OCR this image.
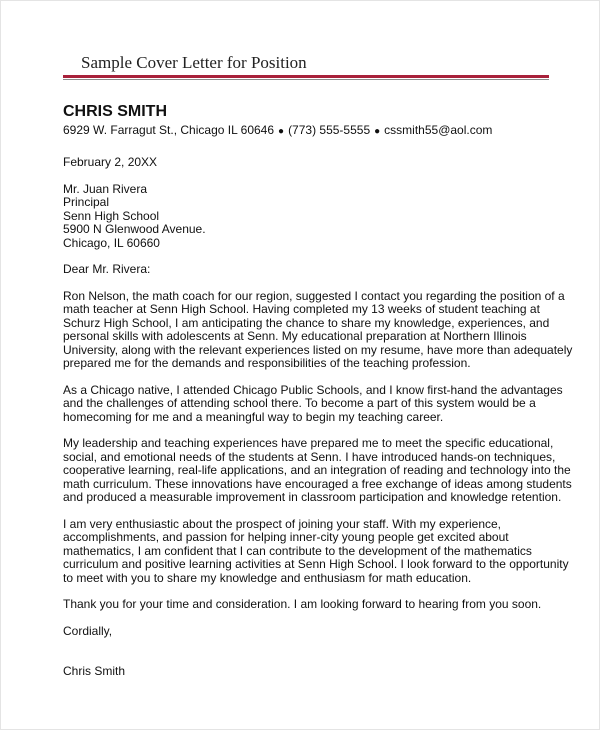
Sample Cover Letter for Position
CHRIS SMITH
6929 W. Farragut St., Chicago IL 60646 ● (773) 555-5555 ● cssmith55@aol.com
February 2, 20XX
Mr. Juan Rivera
Principal
Senn High School
5900 N Glenwood Avenue.
Chicago, IL 60660
Dear Mr. Rivera:
Ron Nelson, the math coach for our region, suggested I contact you regarding the position of a
math teacher at Senn High School. Having completed my 13 weeks of student teaching at
Schurz High School, I am anticipating the chance to share my knowledge, experiences, and
personal skills with adolescents at Senn. My educational preparation at Northern Illinois
University, along with the relevant experiences listed on my resume, have more than adequately
prepared me for the demands and responsibilities of the teaching profession.
As a Chicago native, I attended Chicago Public Schools, and I know first-hand the advantages
and the challenges of attending school there. To become a part of this system would be a
homecoming for me and a meaningful way to begin my teaching career.
My leadership and teaching experiences have prepared me to meet the specific educational,
social, and emotional needs of the students at Senn. I have introduced hands-on techniques,
cooperative learning, real-life applications, and an integration of reading and technology into the
math curriculum. These innovations have encouraged a free exchange of ideas among students
and produced a measurable improvement in classroom participation and knowledge retention.
I am very enthusiastic about the prospect of joining your staff. With my experience,
accomplishments, and passion for helping inner-city young people get excited about
mathematics, I am confident that I can contribute to the development of the mathematics
curriculum and positive learning activities at Senn High School. I look forward to the opportunity
to meet with you to share my knowledge and enthusiasm for math education.
Thank you for your time and consideration. I am looking forward to hearing from you soon.
Cordially,
Chris Smith
